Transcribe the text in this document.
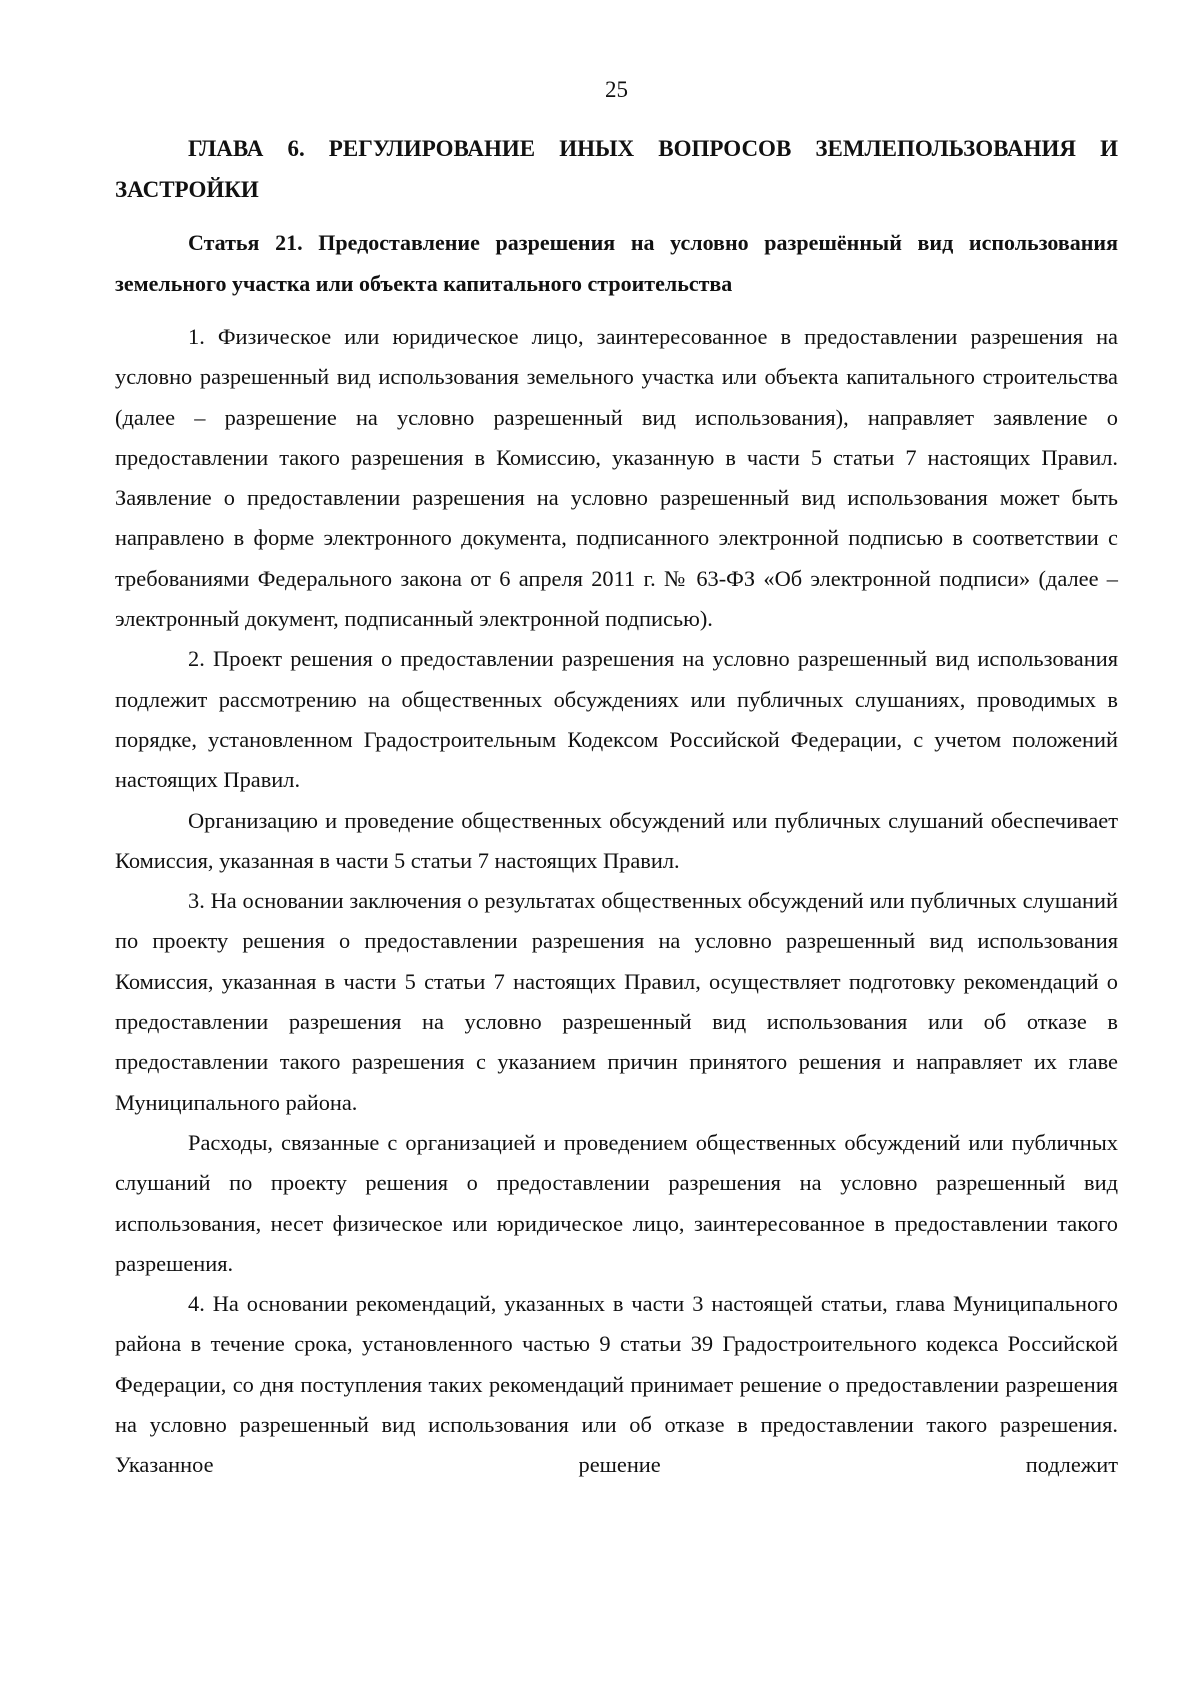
25
ГЛАВА 6. РЕГУЛИРОВАНИЕ ИНЫХ ВОПРОСОВ ЗЕМЛЕПОЛЬЗОВАНИЯ И ЗАСТРОЙКИ
Статья 21. Предоставление разрешения на условно разрешённый вид использования земельного участка или объекта капитального строительства

1. Физическое или юридическое лицо, заинтересованное в предоставлении разрешения на условно разрешенный вид использования земельного участка или объекта капитального строительства (далее – разрешение на условно разрешенный вид использования), направляет заявление о предоставлении такого разрешения в Комиссию, указанную в части 5 статьи 7 настоящих Правил. Заявление о предоставлении разрешения на условно разрешенный вид использования может быть направлено в форме электронного документа, подписанного электронной подписью в соответствии с требованиями Федерального закона от 6 апреля 2011 г. № 63-ФЗ «Об электронной подписи» (далее – электронный документ, подписанный электронной подписью).

2. Проект решения о предоставлении разрешения на условно разрешенный вид использования подлежит рассмотрению на общественных обсуждениях или публичных слушаниях, проводимых в порядке, установленном Градостроительным Кодексом Российской Федерации, с учетом положений настоящих Правил.

Организацию и проведение общественных обсуждений или публичных слушаний обеспечивает Комиссия, указанная в части 5 статьи 7 настоящих Правил.

3. На основании заключения о результатах общественных обсуждений или публичных слушаний по проекту решения о предоставлении разрешения на условно разрешенный вид использования Комиссия, указанная в части 5 статьи 7 настоящих Правил, осуществляет подготовку рекомендаций о предоставлении разрешения на условно разрешенный вид использования или об отказе в предоставлении такого разрешения с указанием причин принятого решения и направляет их главе Муниципального района.

Расходы, связанные с организацией и проведением общественных обсуждений или публичных слушаний по проекту решения о предоставлении разрешения на условно разрешенный вид использования, несет физическое или юридическое лицо, заинтересованное в предоставлении такого разрешения.

4. На основании рекомендаций, указанных в части 3 настоящей статьи, глава Муниципального района в течение срока, установленного частью 9 статьи 39 Градостроительного кодекса Российской Федерации, со дня поступления таких рекомендаций принимает решение о предоставлении разрешения на условно разрешенный вид использования или об отказе в предоставлении такого разрешения. Указанное решение подлежит
